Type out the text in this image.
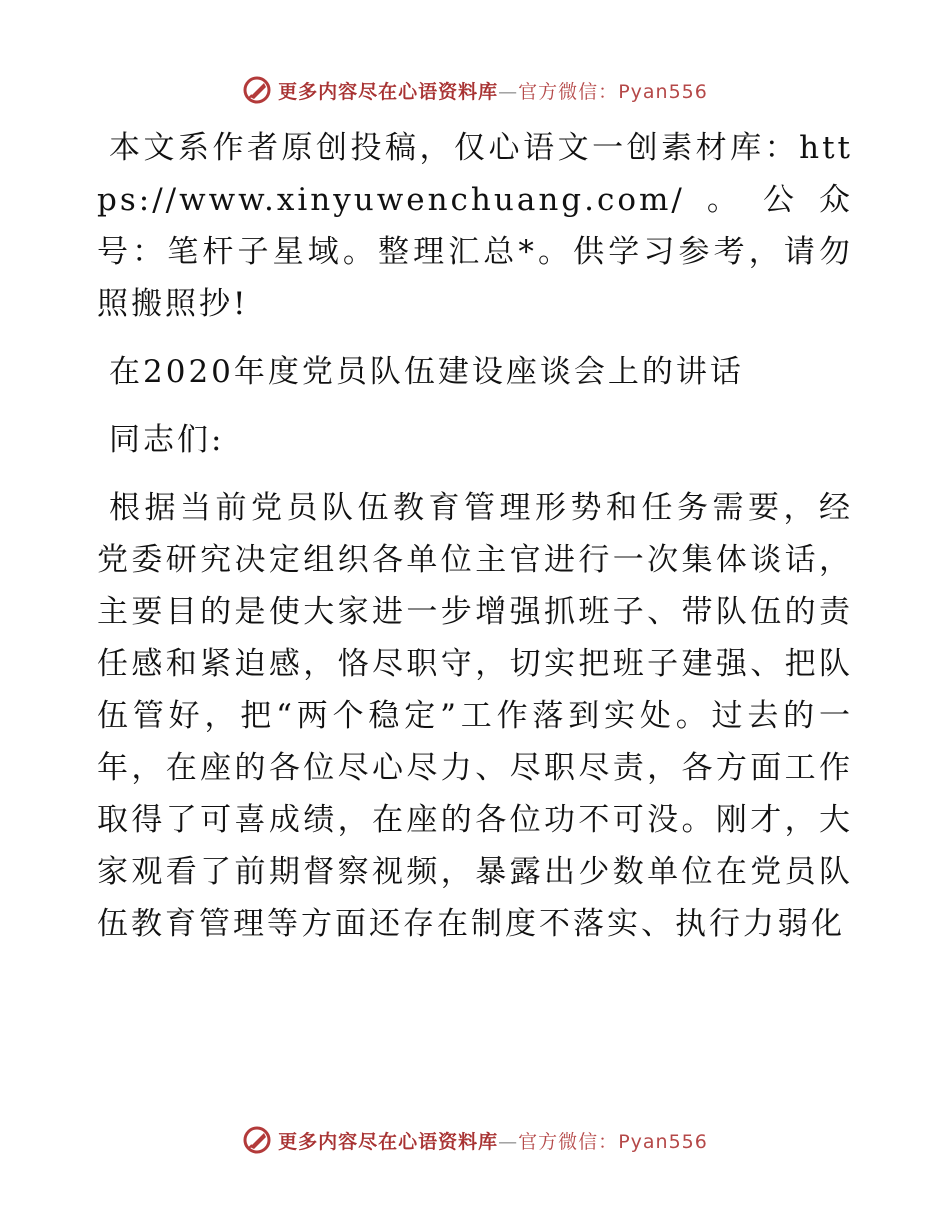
更多内容尽在心语资料库—官方微信：Pyan556

本文系作者原创投稿，仅心语文一创素材库：https://www.xinyuwenchuang.com/。公众号：笔杆子星域。整理汇总*。供学习参考，请勿照搬照抄!

在2020年度党员队伍建设座谈会上的讲话
同志们:

根据当前党员队伍教育管理形势和任务需要，经党委研究决定组织各单位主官进行一次集体谈话，主要目的是使大家进一步增强抓班子、带队伍的责任感和紧迫感，恪尽职守，切实把班子建强、把队伍管好，把“两个稳定”工作落到实处。过去的一年，在座的各位尽心尽力、尽职尽责，各方面工作取得了可喜成绩，在座的各位功不可没。刚才，大家观看了前期督察视频，暴露出少数单位在党员队伍教育管理等方面还存在制度不落实、执行力弱化

更多内容尽在心语资料库—官方微信：Pyan556
